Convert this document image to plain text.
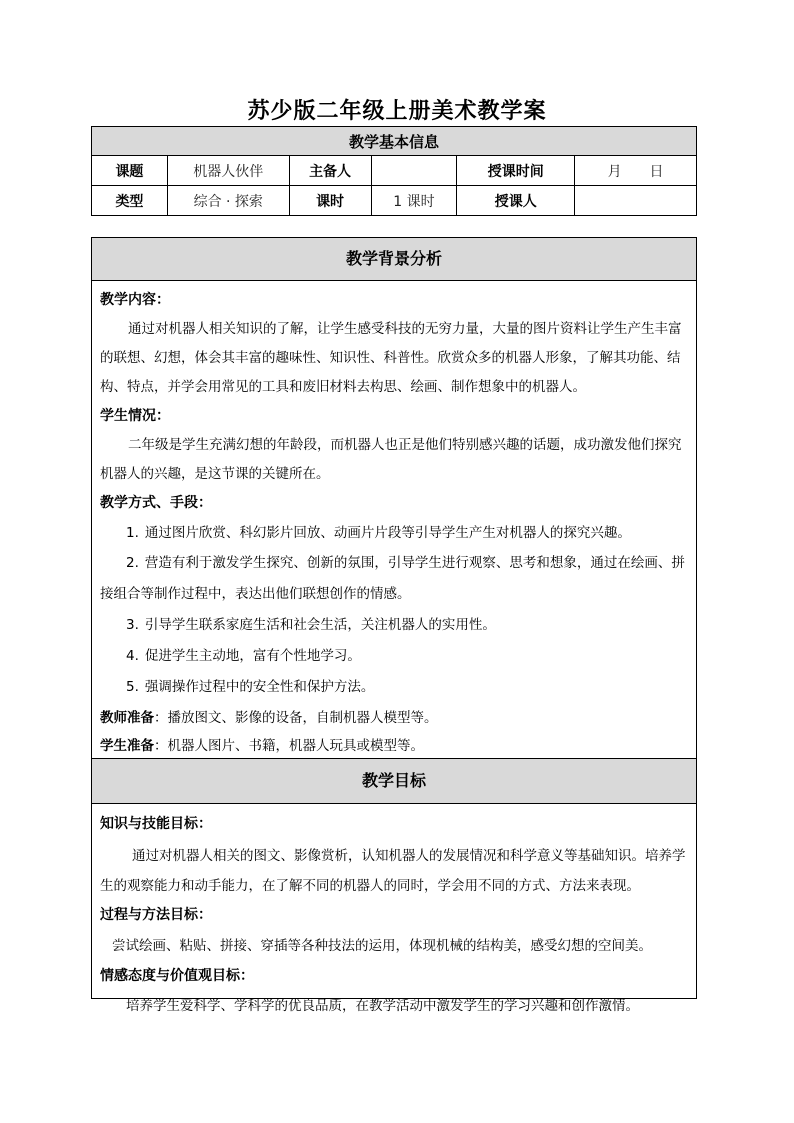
苏少版二年级上册美术教学案
教学基本信息					
课题	机器人伙伴	主备人		授课时间	月　　日
类型	综合 · 探索	课时	1 课时	授课人	
教学背景分析
教学内容：
通过对机器人相关知识的了解，让学生感受科技的无穷力量，大量的图片资料让学生产生丰富的联想、幻想，体会其丰富的趣味性、知识性、科普性。欣赏众多的机器人形象，了解其功能、结构、特点，并学会用常见的工具和废旧材料去构思、绘画、制作想象中的机器人。
学生情况：
二年级是学生充满幻想的年龄段，而机器人也正是他们特别感兴趣的话题，成功激发他们探究机器人的兴趣，是这节课的关键所在。
教学方式、手段：
1. 通过图片欣赏、科幻影片回放、动画片片段等引导学生产生对机器人的探究兴趣。
2. 营造有利于激发学生探究、创新的氛围，引导学生进行观察、思考和想象，通过在绘画、拼接组合等制作过程中，表达出他们联想创作的情感。
3. 引导学生联系家庭生活和社会生活，关注机器人的实用性。
4. 促进学生主动地，富有个性地学习。
5. 强调操作过程中的安全性和保护方法。
教师准备：播放图文、影像的设备，自制机器人模型等。
学生准备：机器人图片、书籍，机器人玩具或模型等。
教学目标
知识与技能目标：
通过对机器人相关的图文、影像赏析，认知机器人的发展情况和科学意义等基础知识。培养学生的观察能力和动手能力，在了解不同的机器人的同时，学会用不同的方式、方法来表现。
过程与方法目标：
尝试绘画、粘贴、拼接、穿插等各种技法的运用，体现机械的结构美，感受幻想的空间美。
情感态度与价值观目标：
培养学生爱科学、学科学的优良品质，在教学活动中激发学生的学习兴趣和创作激情。
